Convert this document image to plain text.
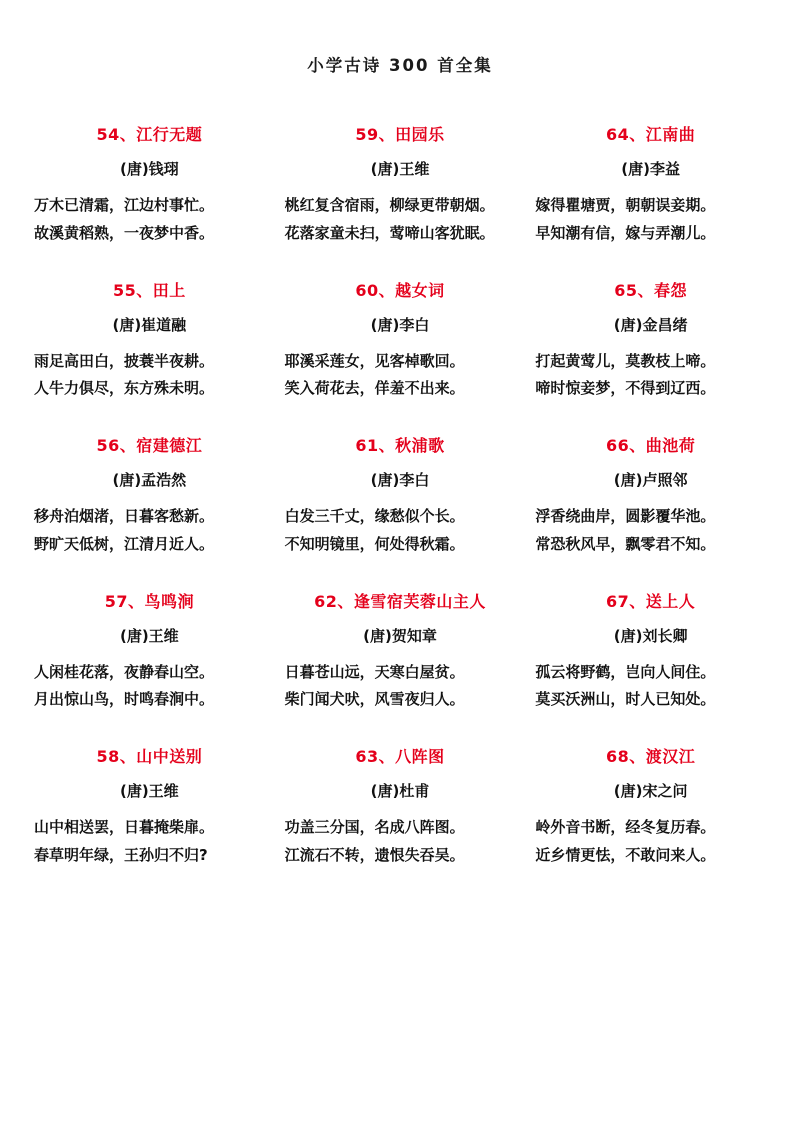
小学古诗 300 首全集
54、江行无题
(唐)钱珝
万木已清霜，江边村事忙。
故溪黄稻熟，一夜梦中香。
55、田上
(唐)崔道融
雨足高田白，披蓑半夜耕。
人牛力俱尽，东方殊未明。
56、宿建德江
(唐)孟浩然
移舟泊烟渚，日暮客愁新。
野旷天低树，江清月近人。
57、鸟鸣涧
(唐)王维
人闲桂花落，夜静春山空。
月出惊山鸟，时鸣春涧中。
58、山中送别
(唐)王维
山中相送罢，日暮掩柴扉。
春草明年绿，王孙归不归?
59、田园乐
(唐)王维
桃红复含宿雨，柳绿更带朝烟。
花落家童未扫，莺啼山客犹眠。
60、越女词
(唐)李白
耶溪采莲女，见客棹歌回。
笑入荷花去，佯羞不出来。
61、秋浦歌
(唐)李白
白发三千丈，缘愁似个长。
不知明镜里，何处得秋霜。
62、逢雪宿芙蓉山主人
(唐)贺知章
日暮苍山远，天寒白屋贫。
柴门闻犬吠，风雪夜归人。
63、八阵图
(唐)杜甫
功盖三分国，名成八阵图。
江流石不转，遗恨失吞吴。
64、江南曲
(唐)李益
嫁得瞿塘贾，朝朝误妾期。
早知潮有信，嫁与弄潮儿。
65、春怨
(唐)金昌绪
打起黄莺儿，莫教枝上啼。
啼时惊妾梦，不得到辽西。
66、曲池荷
(唐)卢照邻
浮香绕曲岸，圆影覆华池。
常恐秋风早，飘零君不知。
67、送上人
(唐)刘长卿
孤云将野鹤，岂向人间住。
莫买沃洲山，时人已知处。
68、渡汉江
(唐)宋之问
岭外音书断，经冬复历春。
近乡情更怯，不敢问来人。
